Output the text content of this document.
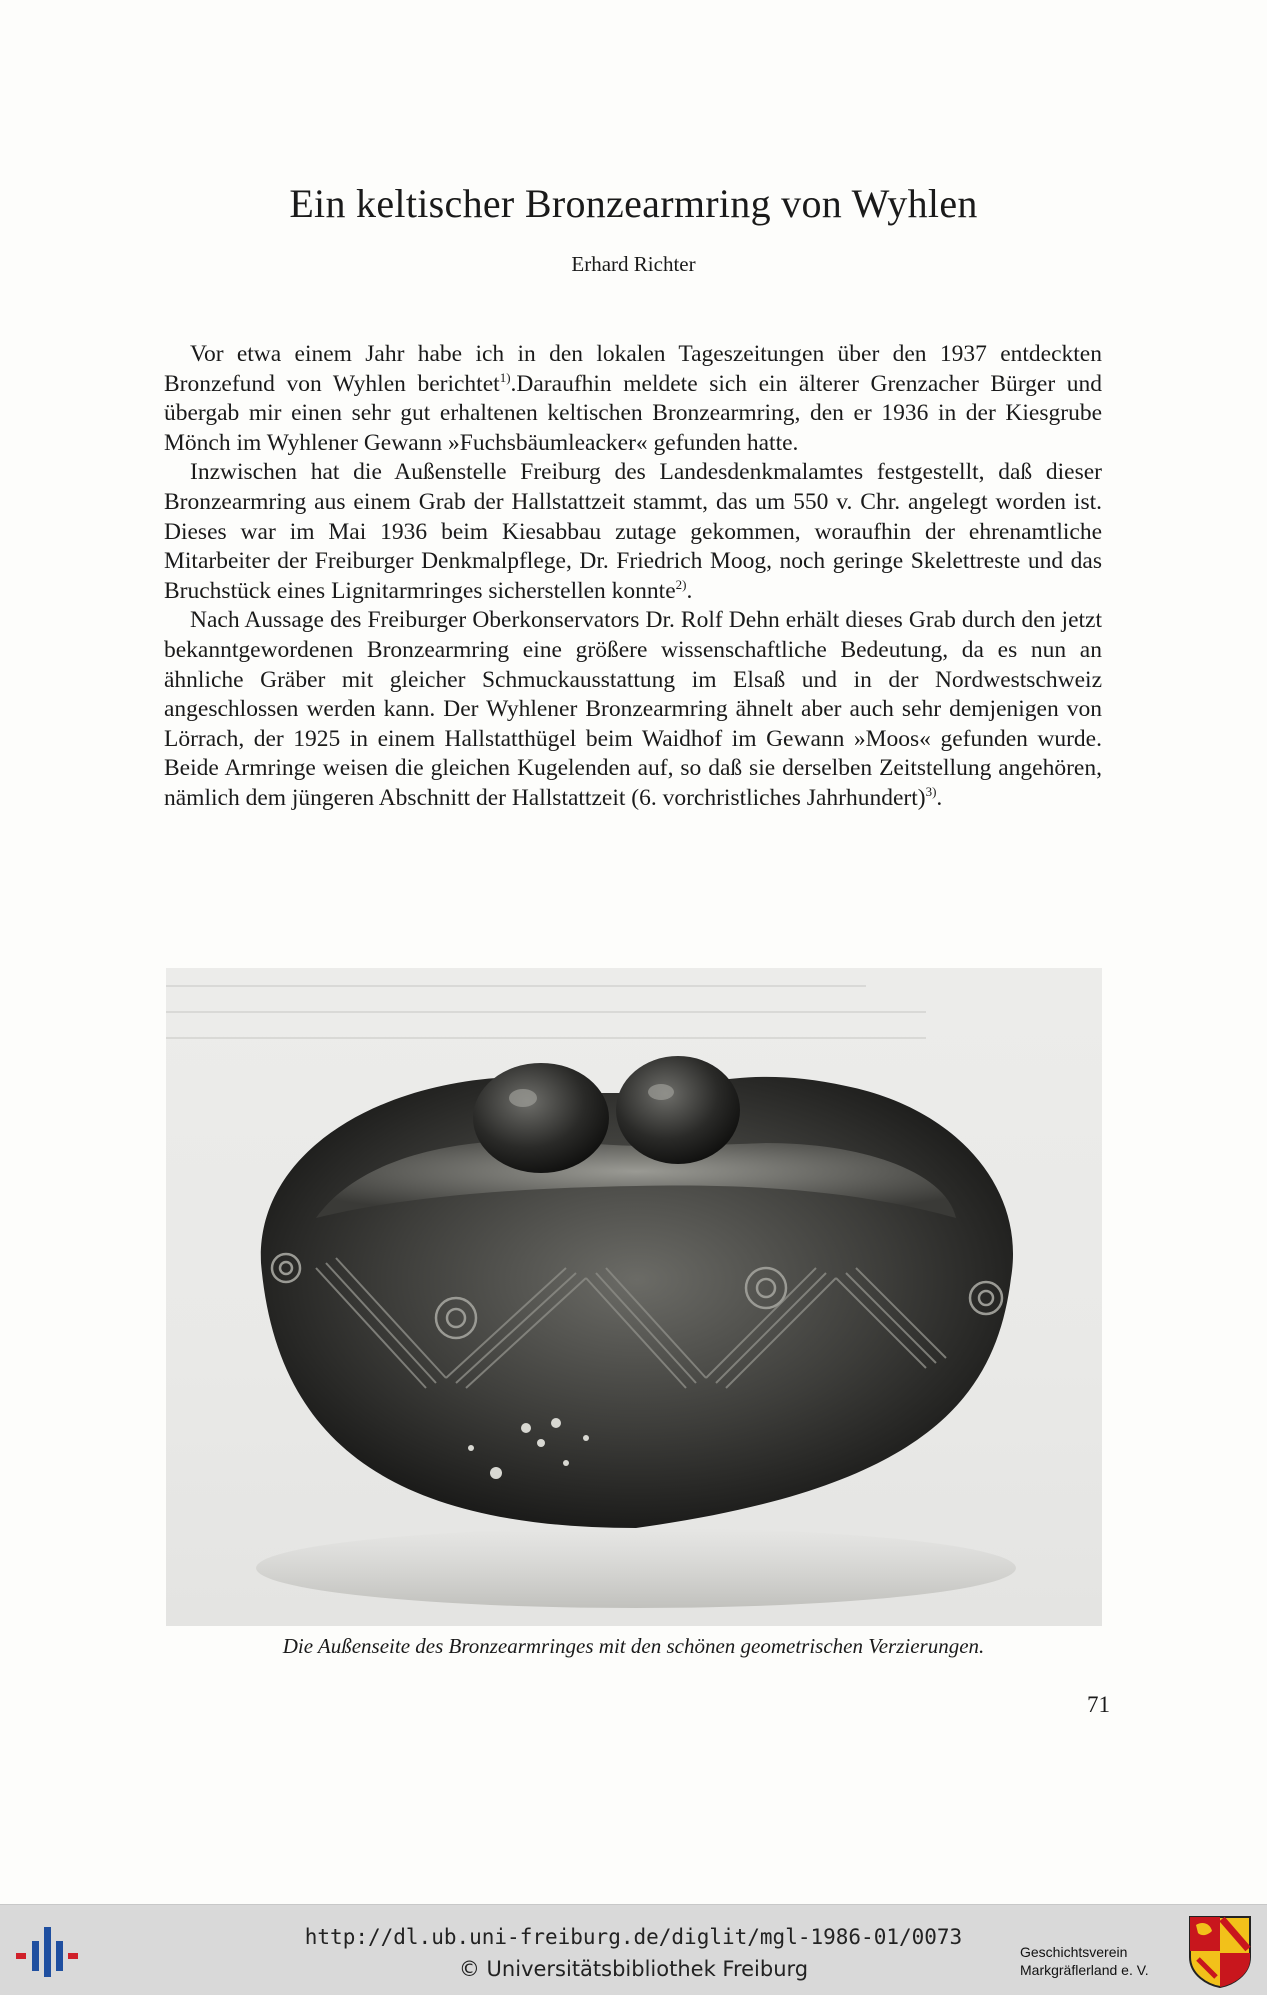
Ein keltischer Bronzearmring von Wyhlen
Erhard Richter

Vor etwa einem Jahr habe ich in den lokalen Tageszeitungen über den 1937 entdeckten Bronzefund von Wyhlen berichtet$^{1)}$.Daraufhin meldete sich ein älterer Grenzacher Bürger und übergab mir einen sehr gut erhaltenen keltischen Bronzearmring, den er 1936 in der Kiesgrube Mönch im Wyhlener Gewann »Fuchsbäumleacker« gefunden hatte.

Inzwischen hat die Außenstelle Freiburg des Landesdenkmalamtes festgestellt, daß dieser Bronzearmring aus einem Grab der Hallstattzeit stammt, das um 550 v. Chr. angelegt worden ist. Dieses war im Mai 1936 beim Kiesabbau zutage gekommen, woraufhin der ehrenamtliche Mitarbeiter der Freiburger Denkmalpflege, Dr. Friedrich Moog, noch geringe Skelettreste und das Bruchstück eines Lignitarmringes sicherstellen konnte$^{2)}$.

Nach Aussage des Freiburger Oberkonservators Dr. Rolf Dehn erhält dieses Grab durch den jetzt bekanntgewordenen Bronzearmring eine größere wissenschaftliche Bedeutung, da es nun an ähnliche Gräber mit gleicher Schmuckausstattung im Elsaß und in der Nordwestschweiz angeschlossen werden kann. Der Wyhlener Bronzearmring ähnelt aber auch sehr demjenigen von Lörrach, der 1925 in einem Hallstatthügel beim Waidhof im Gewann »Moos« gefunden wurde. Beide Armringe weisen die gleichen Kugelenden auf, so daß sie derselben Zeitstellung angehören, nämlich dem jüngeren Abschnitt der Hallstattzeit (6. vorchristliches Jahrhundert)$^{3)}$.

Die Außenseite des Bronzearmringes mit den schönen geometrischen Verzierungen.
71
http://dl.ub.uni-freiburg.de/diglit/mgl-1986-01/0073
© Universitätsbibliothek Freiburg
Geschichtsverein
Markgräflerland e. V.
